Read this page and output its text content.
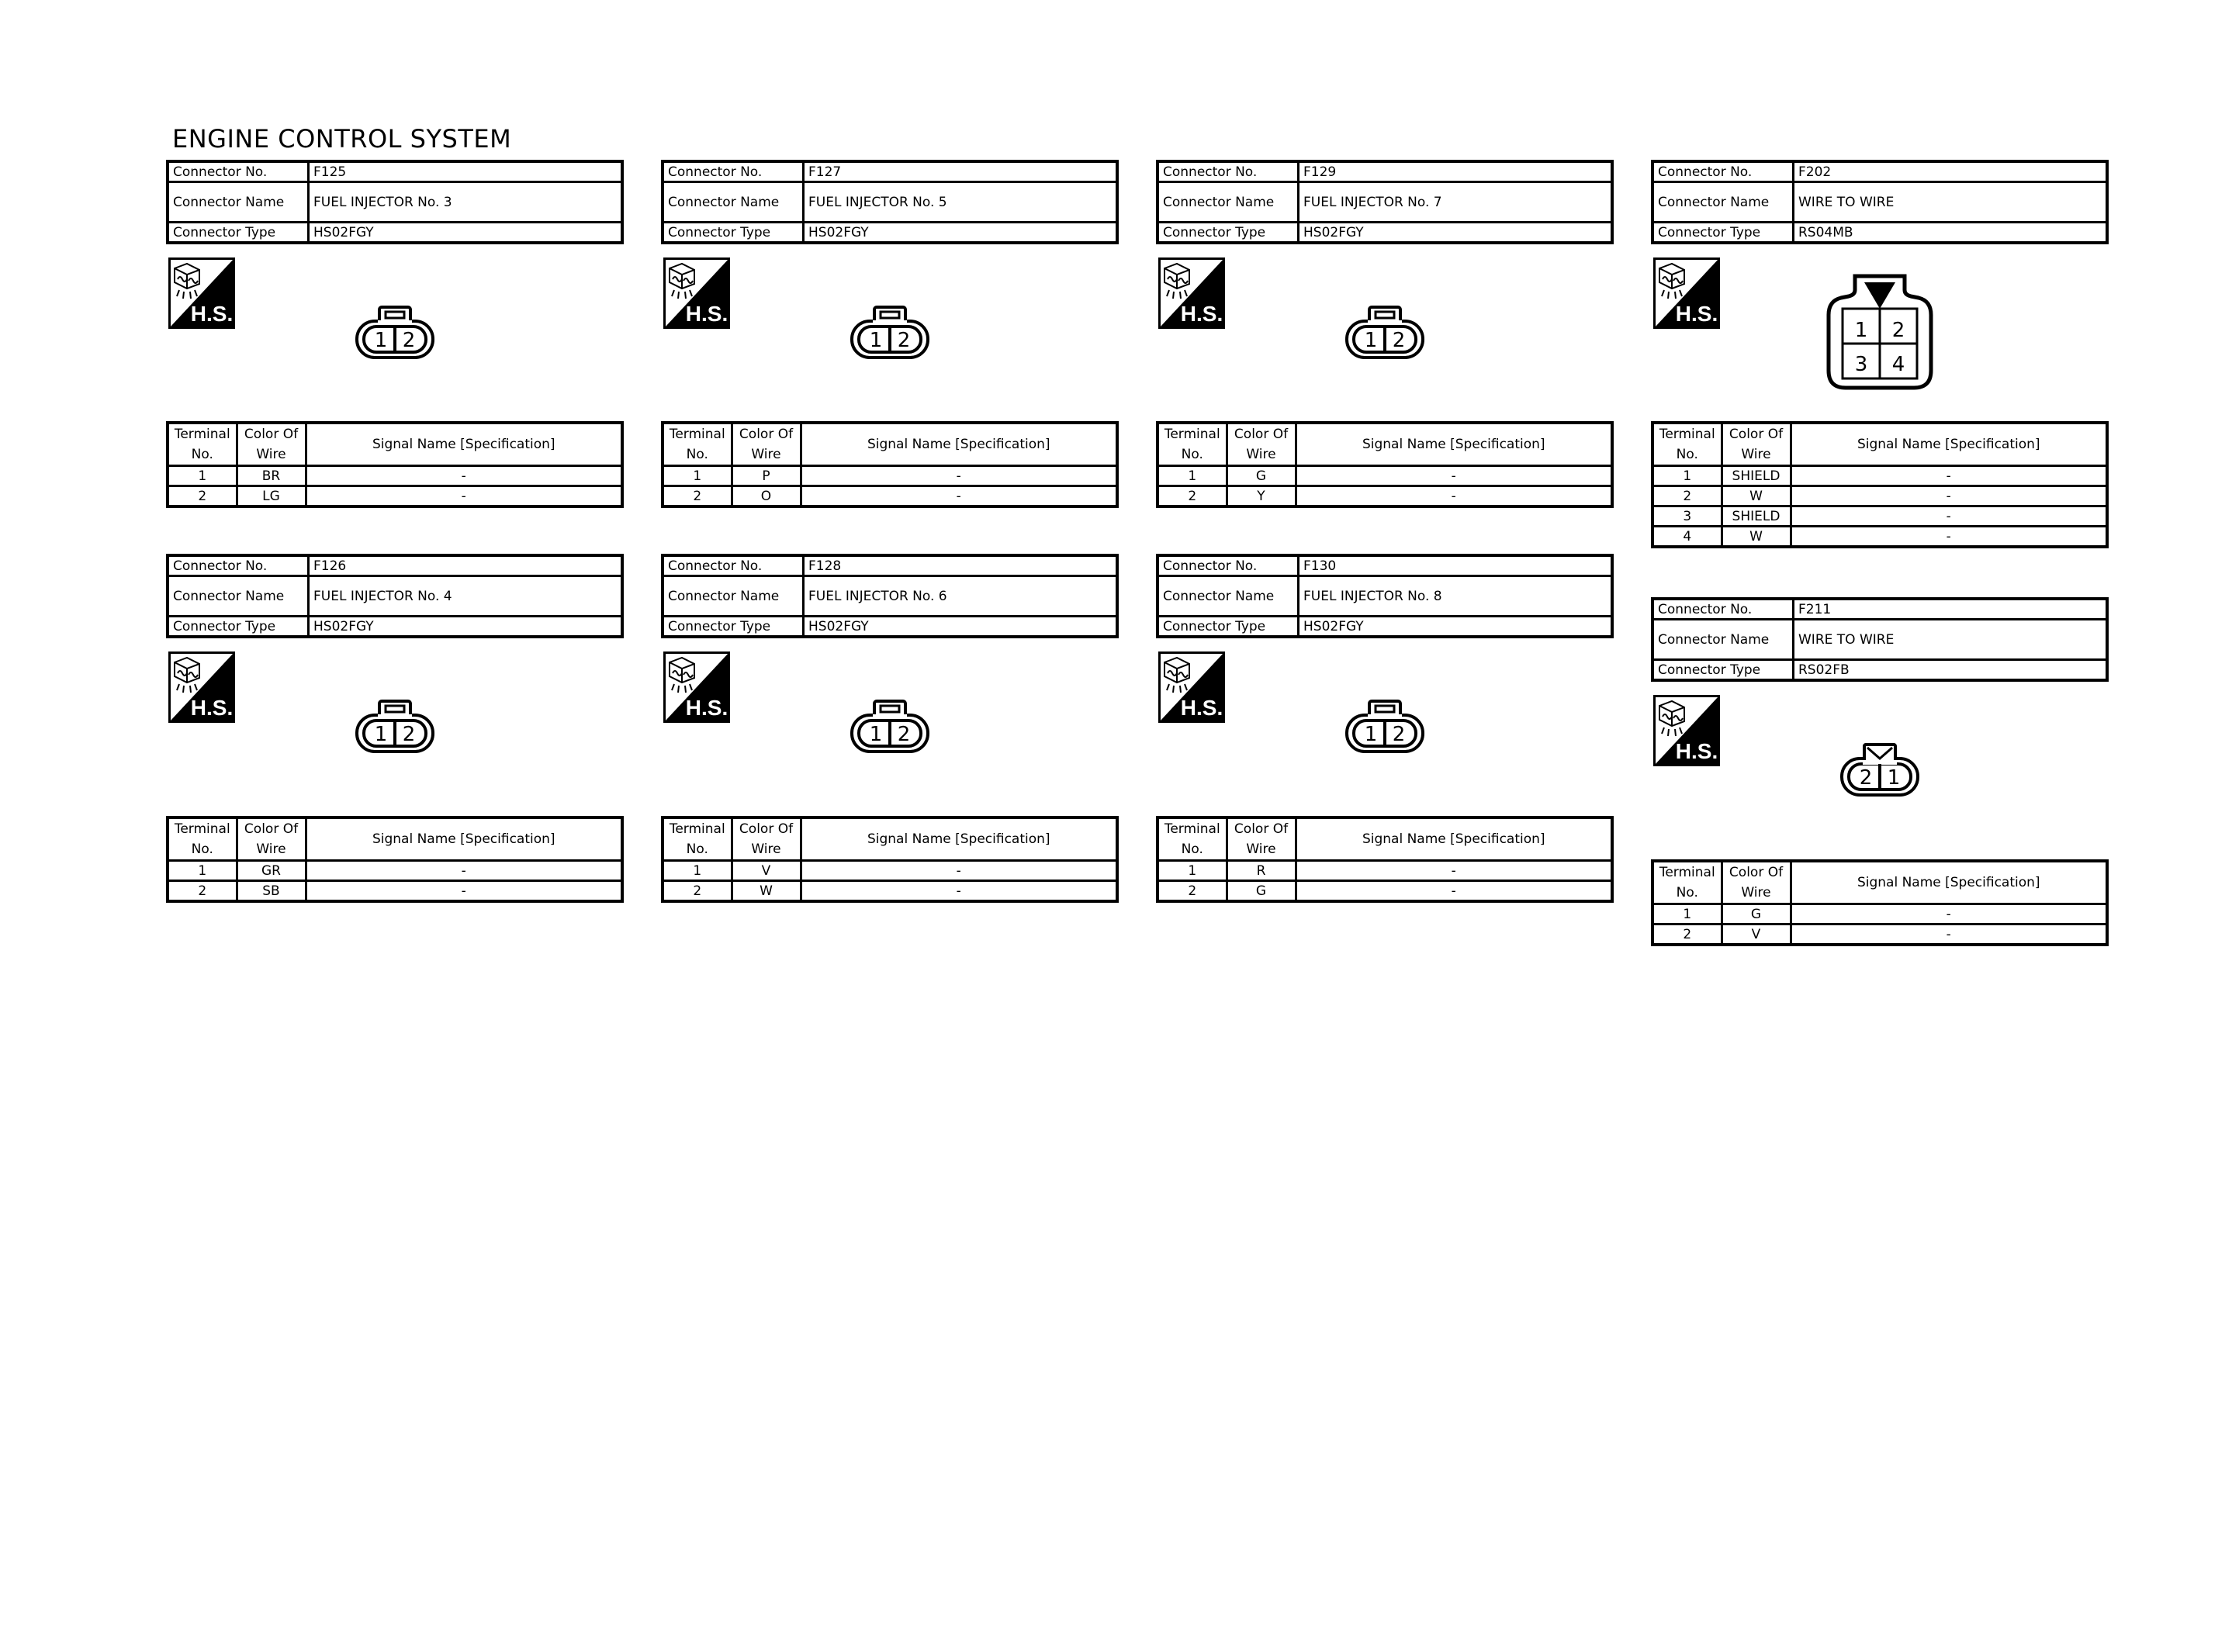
ENGINE CONTROL SYSTEM
Connector No.	F125
Connector Name	FUEL INJECTOR No. 3
Connector Type	HS02FGY
H.S.
1 2
Terminal No.	Color Of Wire	Signal Name [Specification]
1	BR	-
2	LG	-
Connector No.	F127
Connector Name	FUEL INJECTOR No. 5
Connector Type	HS02FGY
H.S.
1 2
Terminal No.	Color Of Wire	Signal Name [Specification]
1	P	-
2	O	-
Connector No.	F129
Connector Name	FUEL INJECTOR No. 7
Connector Type	HS02FGY
H.S.
1 2
Terminal No.	Color Of Wire	Signal Name [Specification]
1	G	-
2	Y	-
Connector No.	F202
Connector Name	WIRE TO WIRE
Connector Type	RS04MB
H.S.
1 2
3 4
Terminal No.	Color Of Wire	Signal Name [Specification]
1	SHIELD	-
2	W	-
3	SHIELD	-
4	W	-
Connector No.	F126
Connector Name	FUEL INJECTOR No. 4
Connector Type	HS02FGY
H.S.
1 2
Terminal No.	Color Of Wire	Signal Name [Specification]
1	GR	-
2	SB	-
Connector No.	F128
Connector Name	FUEL INJECTOR No. 6
Connector Type	HS02FGY
H.S.
1 2
Terminal No.	Color Of Wire	Signal Name [Specification]
1	V	-
2	W	-
Connector No.	F130
Connector Name	FUEL INJECTOR No. 8
Connector Type	HS02FGY
H.S.
1 2
Terminal No.	Color Of Wire	Signal Name [Specification]
1	R	-
2	G	-
Connector No.	F211
Connector Name	WIRE TO WIRE
Connector Type	RS02FB
H.S.
2 1
Terminal No.	Color Of Wire	Signal Name [Specification]
1	G	-
2	V	-
